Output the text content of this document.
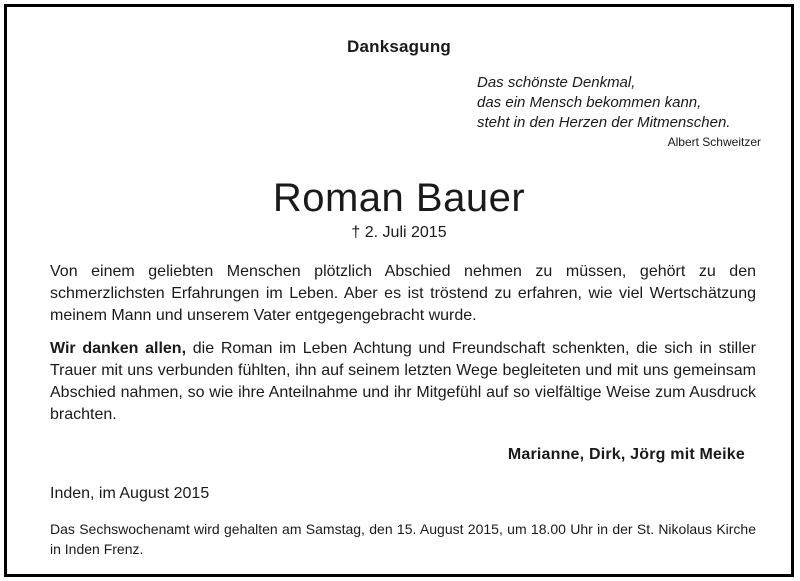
Danksagung
Das schönste Denkmal,
das ein Mensch bekommen kann,
steht in den Herzen der Mitmenschen.
Albert Schweitzer
Roman Bauer
† 2. Juli 2015
Von einem geliebten Menschen plötzlich Abschied nehmen zu müssen, gehört zu den schmerzlichsten Erfahrungen im Leben. Aber es ist tröstend zu erfahren, wie viel Wertschätzung meinem Mann und unserem Vater entgegengebracht wurde.
Wir danken allen, die Roman im Leben Achtung und Freundschaft schenkten, die sich in stiller Trauer mit uns verbunden fühlten, ihn auf seinem letzten Wege begleiteten und mit uns gemeinsam Abschied nahmen, so wie ihre Anteilnahme und ihr Mitgefühl auf so vielfältige Weise zum Ausdruck brachten.
Marianne, Dirk, Jörg mit Meike
Inden, im August 2015
Das Sechswochenamt wird gehalten am Samstag, den 15. August 2015, um 18.00 Uhr in der St. Nikolaus Kirche in Inden Frenz.
